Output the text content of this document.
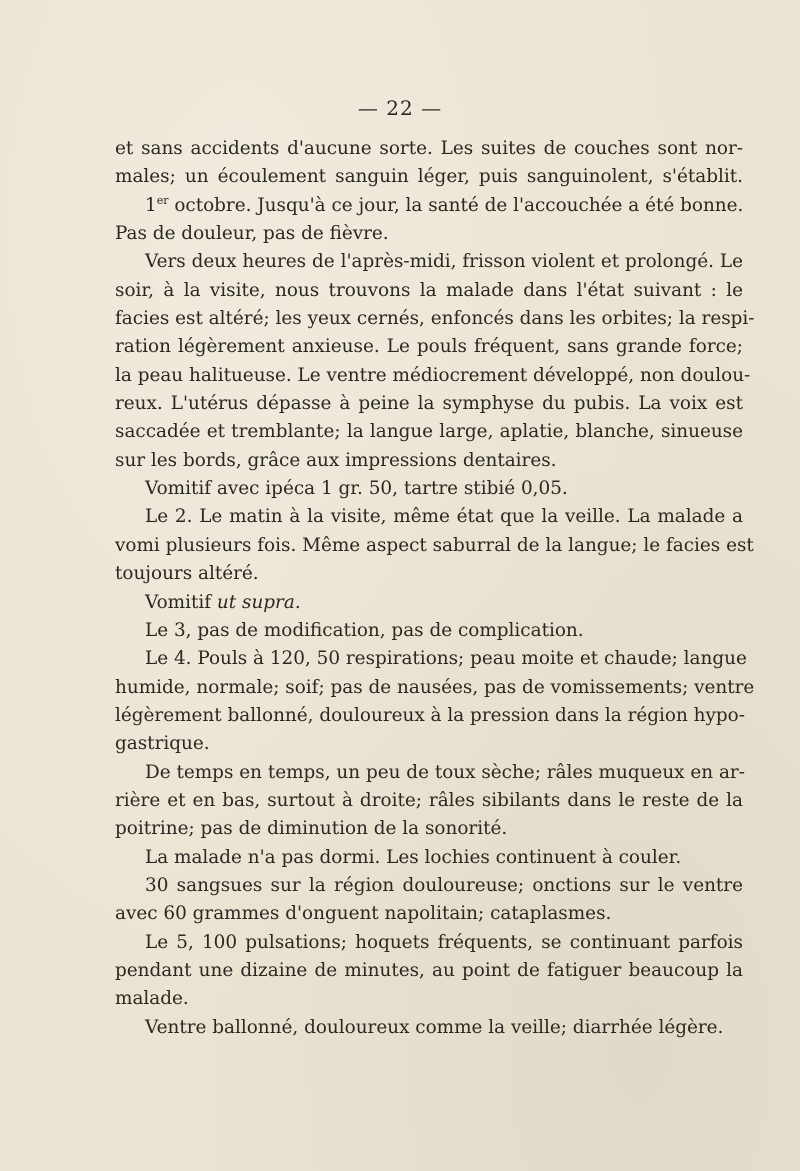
— 22 —
et sans accidents d'aucune sorte. Les suites de couches sont nor-
males; un écoulement sanguin léger, puis sanguinolent, s'établit.
1er octobre. Jusqu'à ce jour, la santé de l'accouchée a été bonne.
Pas de douleur, pas de fièvre.
Vers deux heures de l'après-midi, frisson violent et prolongé. Le
soir, à la visite, nous trouvons la malade dans l'état suivant : le
facies est altéré; les yeux cernés, enfoncés dans les orbites; la respi-
ration légèrement anxieuse. Le pouls fréquent, sans grande force;
la peau halitueuse. Le ventre médiocrement développé, non doulou-
reux. L'utérus dépasse à peine la symphyse du pubis. La voix est
saccadée et tremblante; la langue large, aplatie, blanche, sinueuse
sur les bords, grâce aux impressions dentaires.
Vomitif avec ipéca 1 gr. 50, tartre stibié 0,05.
Le 2. Le matin à la visite, même état que la veille. La malade a
vomi plusieurs fois. Même aspect saburral de la langue; le facies est
toujours altéré.
Vomitif ut supra.
Le 3, pas de modification, pas de complication.
Le 4. Pouls à 120, 50 respirations; peau moite et chaude; langue
humide, normale; soif; pas de nausées, pas de vomissements; ventre
légèrement ballonné, douloureux à la pression dans la région hypo-
gastrique.
De temps en temps, un peu de toux sèche; râles muqueux en ar-
rière et en bas, surtout à droite; râles sibilants dans le reste de la
poitrine; pas de diminution de la sonorité.
La malade n'a pas dormi. Les lochies continuent à couler.
30 sangsues sur la région douloureuse; onctions sur le ventre
avec 60 grammes d'onguent napolitain; cataplasmes.
Le 5, 100 pulsations; hoquets fréquents, se continuant parfois
pendant une dizaine de minutes, au point de fatiguer beaucoup la
malade.
Ventre ballonné, douloureux comme la veille; diarrhée légère.
